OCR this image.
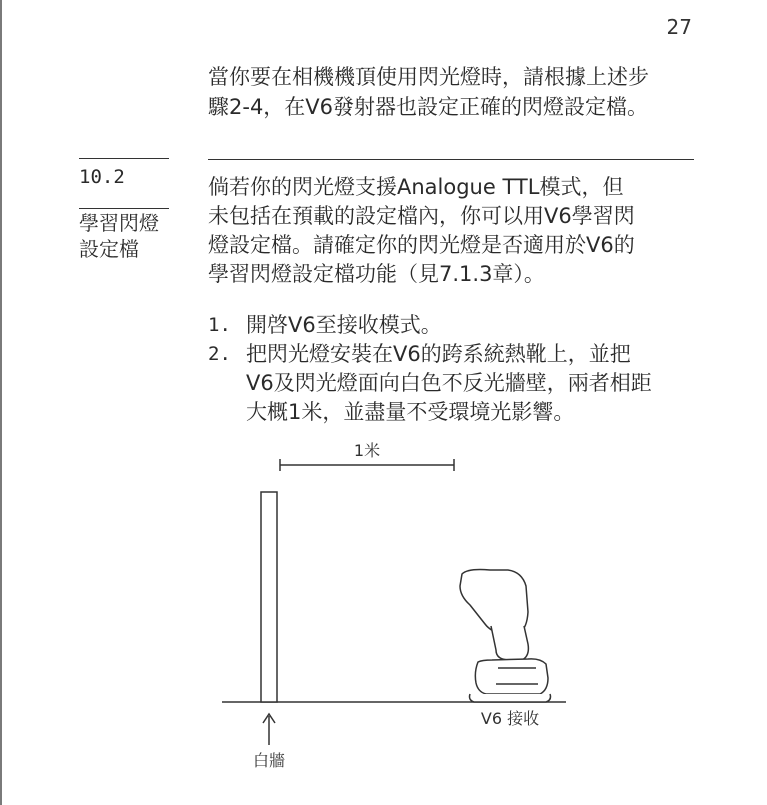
27
當你要在相機機頂使用閃光燈時，請根據上述步
驟2-4，在V6發射器也設定正確的閃燈設定檔。
10.2
學習閃燈
設定檔
倘若你的閃光燈支援Analogue TTL模式，但
未包括在預載的設定檔內，你可以用V6學習閃
燈設定檔。請確定你的閃光燈是否適用於V6的
學習閃燈設定檔功能（見7.1.3章）。
1. 開啓V6至接收模式。
2. 把閃光燈安裝在V6的跨系統熱靴上，並把
V6及閃光燈面向白色不反光牆壁，兩者相距
大概1米，並盡量不受環境光影響。
1米
白牆
V6 接收
